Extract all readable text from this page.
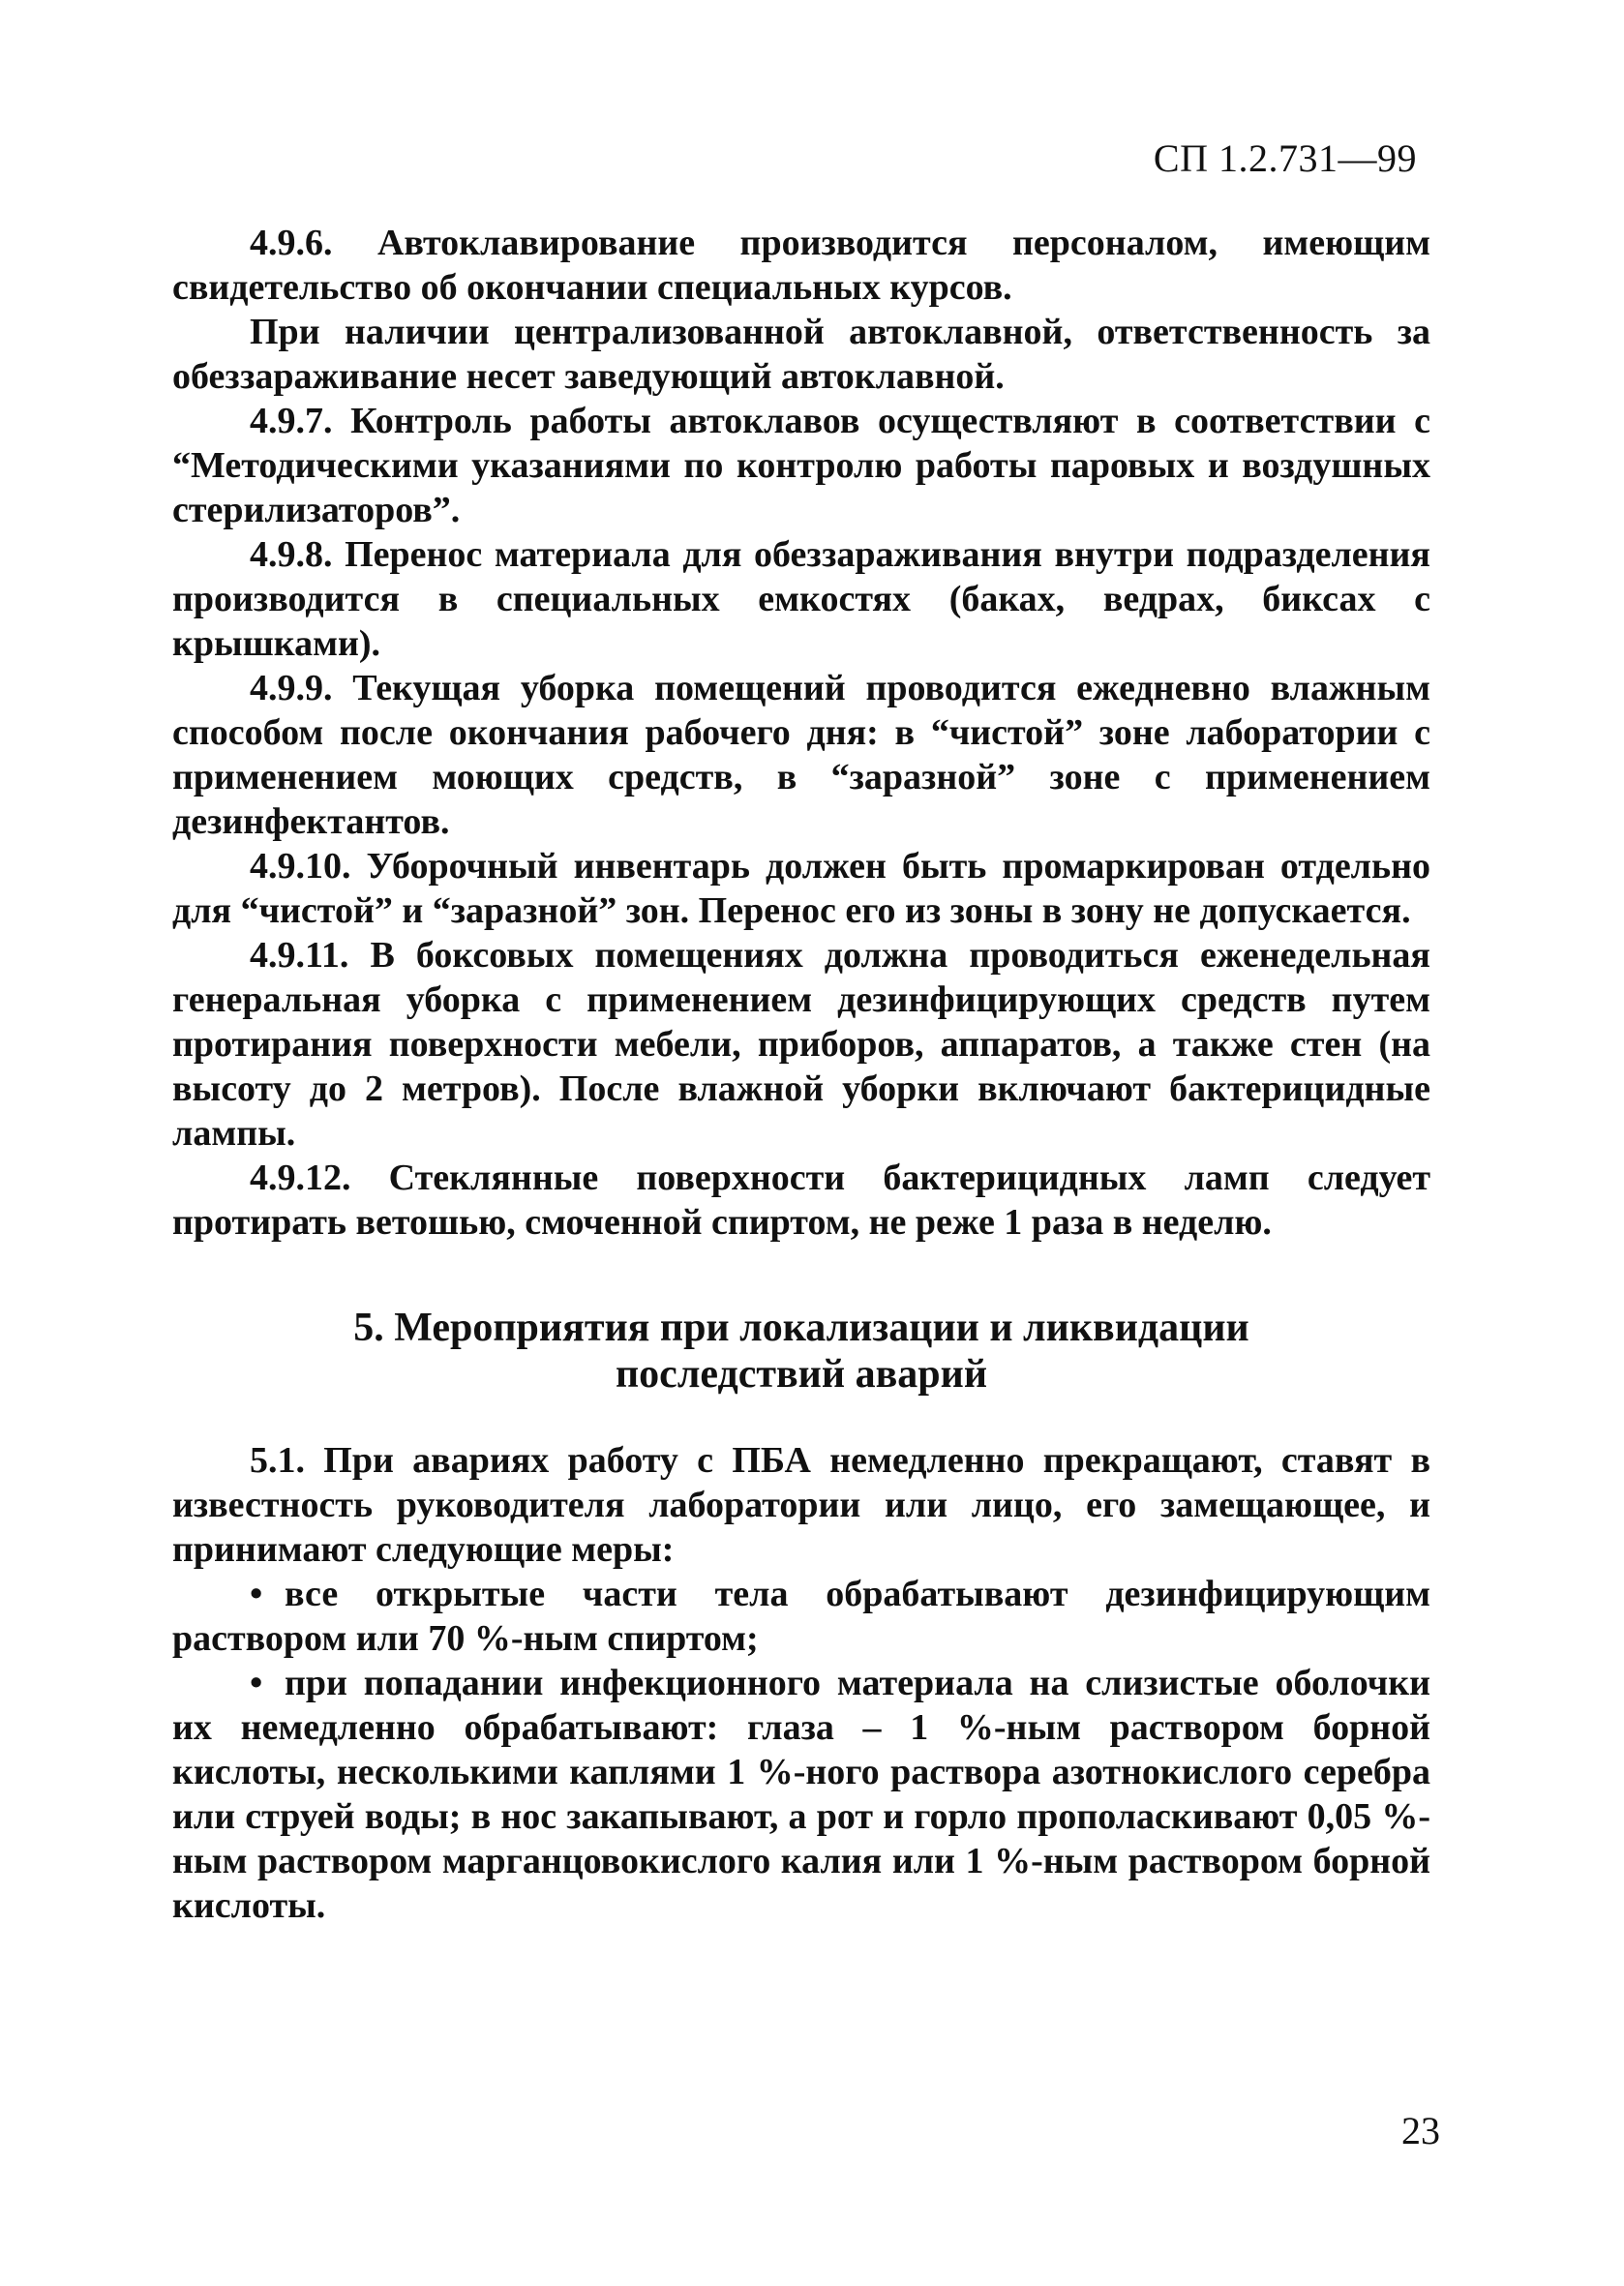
СП 1.2.731—99

4.9.6. Автоклавирование производится персоналом, имеющим свидетельство об окончании специальных курсов.

При наличии централизованной автоклавной, ответственность за обеззараживание несет заведующий автоклавной.

4.9.7. Контроль работы автоклавов осуществляют в соответствии с “Методическими указаниями по контролю работы паровых и воздушных стерилизаторов”.

4.9.8. Перенос материала для обеззараживания внутри подразделения производится в специальных емкостях (баках, ведрах, биксах с крышками).

4.9.9. Текущая уборка помещений проводится ежедневно влажным способом после окончания рабочего дня: в “чистой” зоне лаборатории с применением моющих средств, в “заразной” зоне с применением дезинфектантов.

4.9.10. Уборочный инвентарь должен быть промаркирован отдельно для “чистой” и “заразной” зон. Перенос его из зоны в зону не допускается.

4.9.11. В боксовых помещениях должна проводиться еженедельная генеральная уборка с применением дезинфицирующих средств путем протирания поверхности мебели, приборов, аппаратов, а также стен (на высоту до 2 метров). После влажной уборки включают бактерицидные лампы.

4.9.12. Стеклянные поверхности бактерицидных ламп следует протирать ветошью, смоченной спиртом, не реже 1 раза в неделю.

5. Мероприятия при локализации и ликвидации
последствий аварий

5.1. При авариях работу с ПБА немедленно прекращают, ставят в известность руководителя лаборатории или лицо, его замещающее, и принимают следующие меры:

• все открытые части тела обрабатывают дезинфицирующим раствором или 70 %-ным спиртом;

• при попадании инфекционного материала на слизистые оболочки их немедленно обрабатывают: глаза – 1 %-ным раствором борной кислоты, несколькими каплями 1 %-ного раствора азотнокислого серебра или струей воды; в нос закапывают, а рот и горло прополаскивают 0,05 %-ным раствором марганцовокислого калия или 1 %-ным раствором борной кислоты.

23
